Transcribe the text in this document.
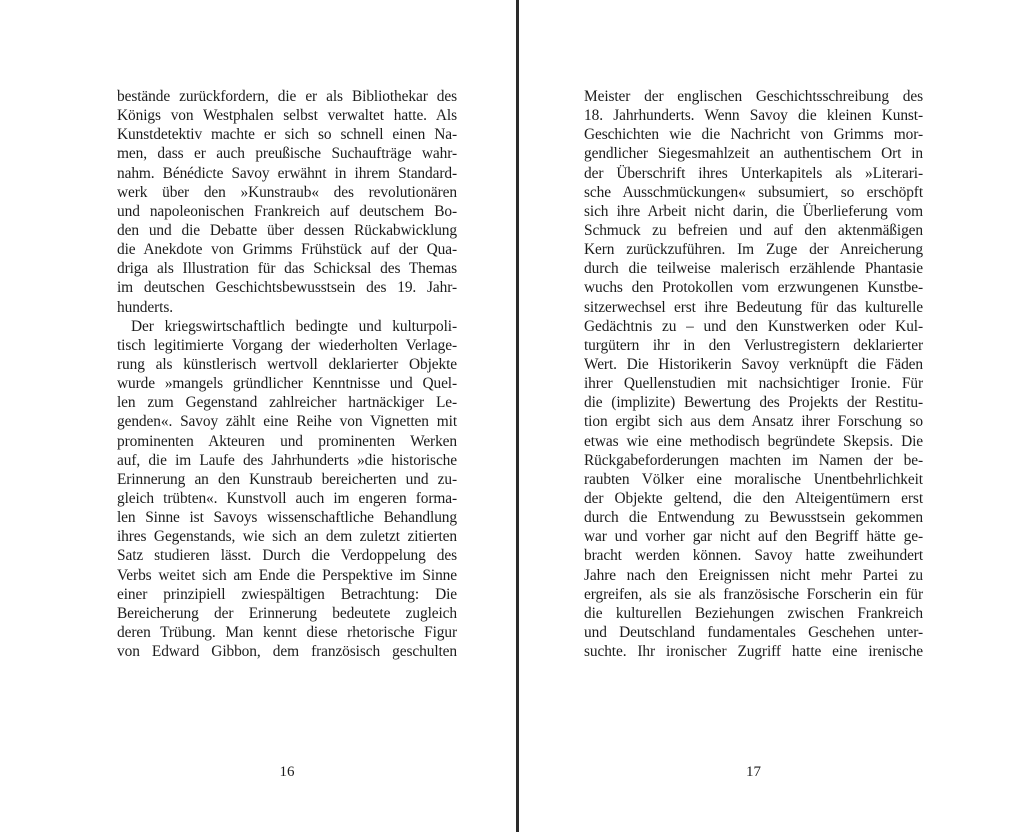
bestände zurückfordern, die er als Bibliothekar des
Königs von Westphalen selbst verwaltet hatte. Als
Kunstdetektiv machte er sich so schnell einen Na-
men, dass er auch preußische Suchaufträge wahr-
nahm. Bénédicte Savoy erwähnt in ihrem Standard-
werk über den »Kunstraub« des revolutionären
und napoleonischen Frankreich auf deutschem Bo-
den und die Debatte über dessen Rückabwicklung
die Anekdote von Grimms Frühstück auf der Qua-
driga als Illustration für das Schicksal des Themas
im deutschen Geschichtsbewusstsein des 19. Jahr-
hunderts.
Der kriegswirtschaftlich bedingte und kulturpoli-
tisch legitimierte Vorgang der wiederholten Verlage-
rung als künstlerisch wertvoll deklarierter Objekte
wurde »mangels gründlicher Kenntnisse und Quel-
len zum Gegenstand zahlreicher hartnäckiger Le-
genden«. Savoy zählt eine Reihe von Vignetten mit
prominenten Akteuren und prominenten Werken
auf, die im Laufe des Jahrhunderts »die historische
Erinnerung an den Kunstraub bereicherten und zu-
gleich trübten«. Kunstvoll auch im engeren forma-
len Sinne ist Savoys wissenschaftliche Behandlung
ihres Gegenstands, wie sich an dem zuletzt zitierten
Satz studieren lässt. Durch die Verdoppelung des
Verbs weitet sich am Ende die Perspektive im Sinne
einer prinzipiell zwiespältigen Betrachtung: Die
Bereicherung der Erinnerung bedeutete zugleich
deren Trübung. Man kennt diese rhetorische Figur
von Edward Gibbon, dem französisch geschulten
16
Meister der englischen Geschichtsschreibung des
18. Jahrhunderts. Wenn Savoy die kleinen Kunst-
Geschichten wie die Nachricht von Grimms mor-
gendlicher Siegesmahlzeit an authentischem Ort in
der Überschrift ihres Unterkapitels als »Literari-
sche Ausschmückungen« subsumiert, so erschöpft
sich ihre Arbeit nicht darin, die Überlieferung vom
Schmuck zu befreien und auf den aktenmäßigen
Kern zurückzuführen. Im Zuge der Anreicherung
durch die teilweise malerisch erzählende Phantasie
wuchs den Protokollen vom erzwungenen Kunstbe-
sitzerwechsel erst ihre Bedeutung für das kulturelle
Gedächtnis zu – und den Kunstwerken oder Kul-
turgütern ihr in den Verlustregistern deklarierter
Wert. Die Historikerin Savoy verknüpft die Fäden
ihrer Quellenstudien mit nachsichtiger Ironie. Für
die (implizite) Bewertung des Projekts der Restitu-
tion ergibt sich aus dem Ansatz ihrer Forschung so
etwas wie eine methodisch begründete Skepsis. Die
Rückgabeforderungen machten im Namen der be-
raubten Völker eine moralische Unentbehrlichkeit
der Objekte geltend, die den Alteigentümern erst
durch die Entwendung zu Bewusstsein gekommen
war und vorher gar nicht auf den Begriff hätte ge-
bracht werden können. Savoy hatte zweihundert
Jahre nach den Ereignissen nicht mehr Partei zu
ergreifen, als sie als französische Forscherin ein für
die kulturellen Beziehungen zwischen Frankreich
und Deutschland fundamentales Geschehen unter-
suchte. Ihr ironischer Zugriff hatte eine irenische
17
